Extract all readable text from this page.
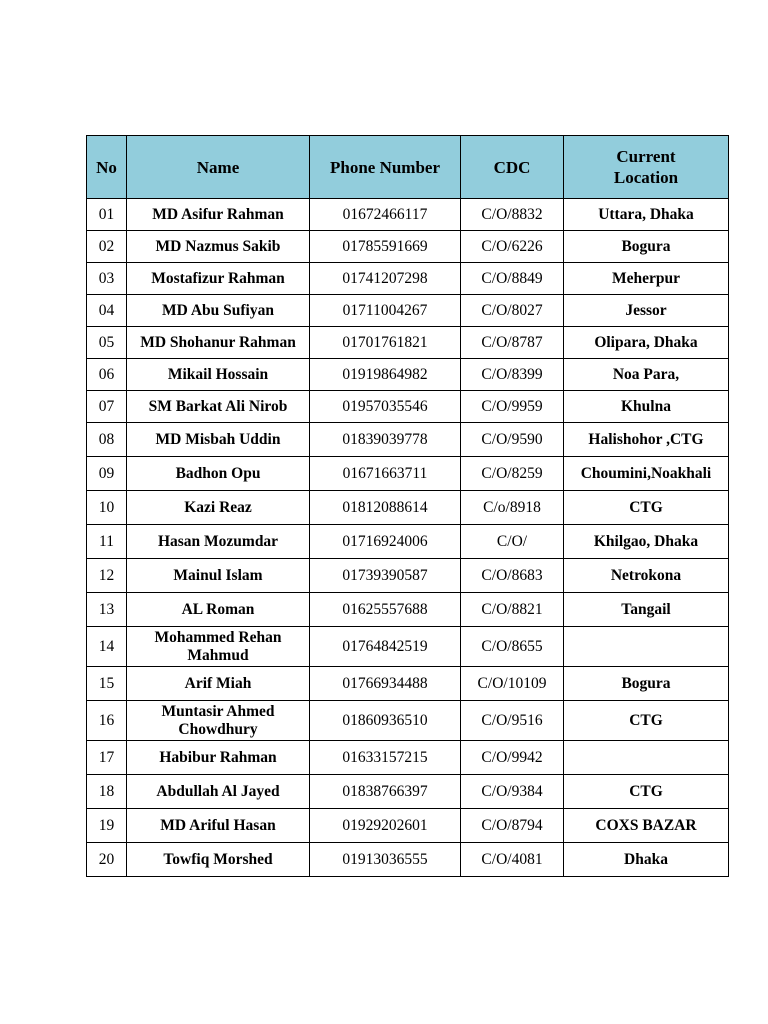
No	Name	Phone Number	CDC	Current
Location
01	MD Asifur Rahman	01672466117	C/O/8832	Uttara, Dhaka
02	MD Nazmus Sakib	01785591669	C/O/6226	Bogura
03	Mostafizur Rahman	01741207298	C/O/8849	Meherpur
04	MD Abu Sufiyan	01711004267	C/O/8027	Jessor
05	MD Shohanur Rahman	01701761821	C/O/8787	Olipara, Dhaka
06	Mikail Hossain	01919864982	C/O/8399	Noa Para,
07	SM Barkat Ali Nirob	01957035546	C/O/9959	Khulna
08	MD Misbah Uddin	01839039778	C/O/9590	Halishohor ,CTG
09	Badhon Opu	01671663711	C/O/8259	Choumini,Noakhali
10	Kazi Reaz	01812088614	C/o/8918	CTG
11	Hasan Mozumdar	01716924006	C/O/	Khilgao, Dhaka
12	Mainul Islam	01739390587	C/O/8683	Netrokona
13	AL Roman	01625557688	C/O/8821	Tangail
14	Mohammed Rehan
Mahmud	01764842519	C/O/8655	
15	Arif Miah	01766934488	C/O/10109	Bogura
16	Muntasir Ahmed
Chowdhury	01860936510	C/O/9516	CTG
17	Habibur Rahman	01633157215	C/O/9942	
18	Abdullah Al Jayed	01838766397	C/O/9384	CTG
19	MD Ariful Hasan	01929202601	C/O/8794	COXS BAZAR
20	Towfiq Morshed	01913036555	C/O/4081	Dhaka
